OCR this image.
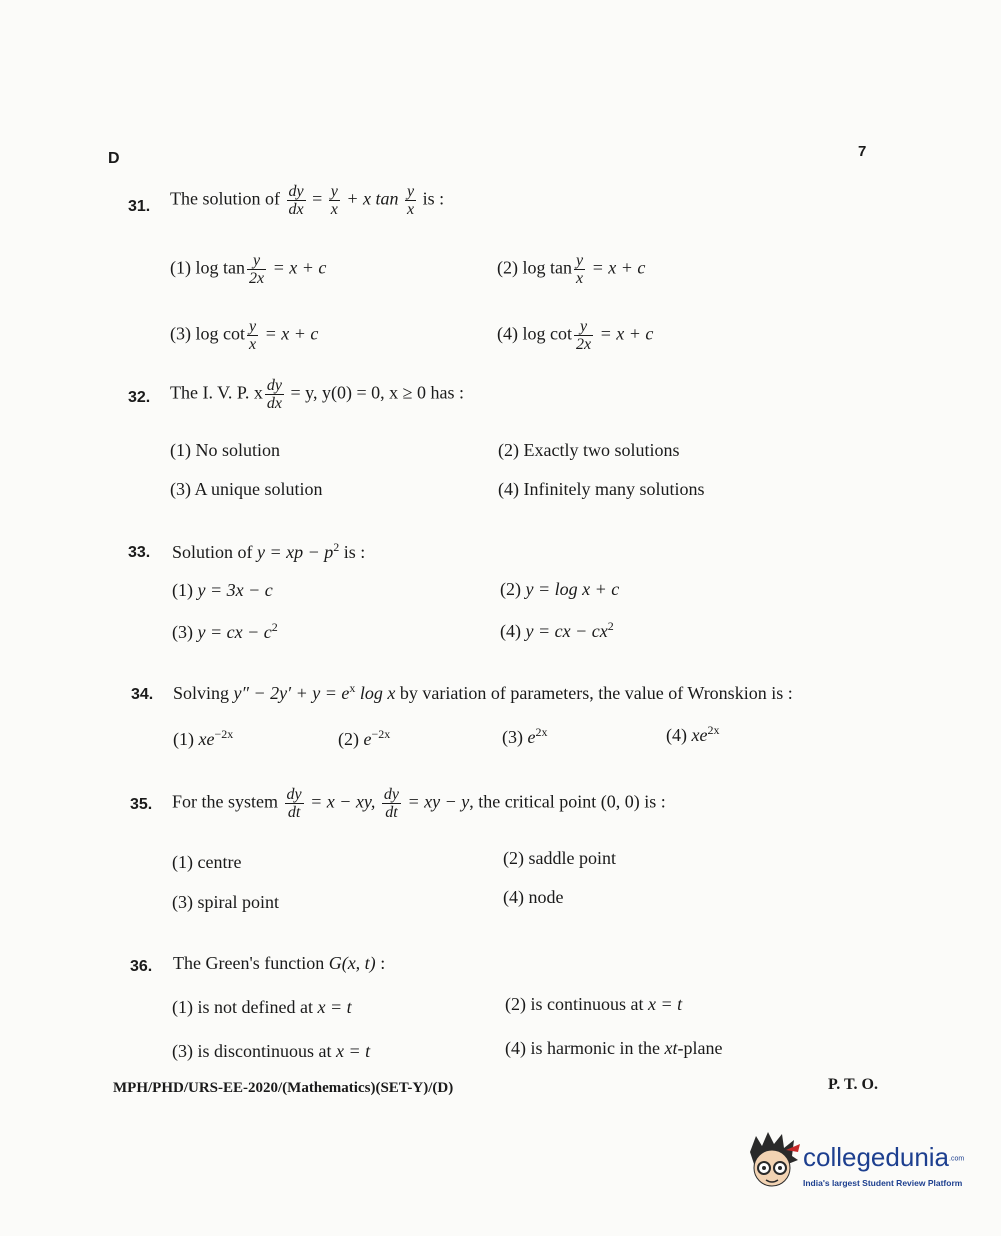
D	7
31. The solution of $\frac{dy}{dx} = \frac{y}{x} + x$ $\tan \frac{y}{x}$ is :
(1) $\log \tan \frac{y}{2x} = x + c$	(2) $\log \tan \frac{y}{x} = x + c$
(3) $\log \cot \frac{y}{x} = x + c$	(4) $\log \cot \frac{y}{2x} = x + c$
32. The I. V. P. x $\frac{dy}{dx} = y$, y(0) = 0, x ≥ 0 has :
(1) No solution	(2) Exactly two solutions
(3) A unique solution	(4) Infinitely many solutions
33. Solution of y = xp − $p^2$ is :
(1) y = 3x − c	(2) y = log x + c
(3) y = cx − $c^2$	(4) y = cx − $cx^2$
34. Solving $y'' - 2y' + y = e^x$ log x by variation of parameters, the value of Wronskion is :
(1) $xe^{-2x}$	(2) $e^{-2x}$	(3) $e^{2x}$	(4) $xe^{2x}$
35. For the system $\frac{dy}{dt} = x$ − xy, $\frac{dy}{dt}$ = xy − y, the critical point (0, 0) is :
(1) centre	(2) saddle point
(3) spiral point	(4) node
36. The Green's function G(x, t) :
(1) is not defined at x = t	(2) is continuous at x = t
(3) is discontinuous at x = t	(4) is harmonic in the xt-plane
MPH/PHD/URS-EE-2020/(Mathematics)(SET-Y)/(D)	P. T. O.
collegedunia.com
India's largest Student Review Platform
